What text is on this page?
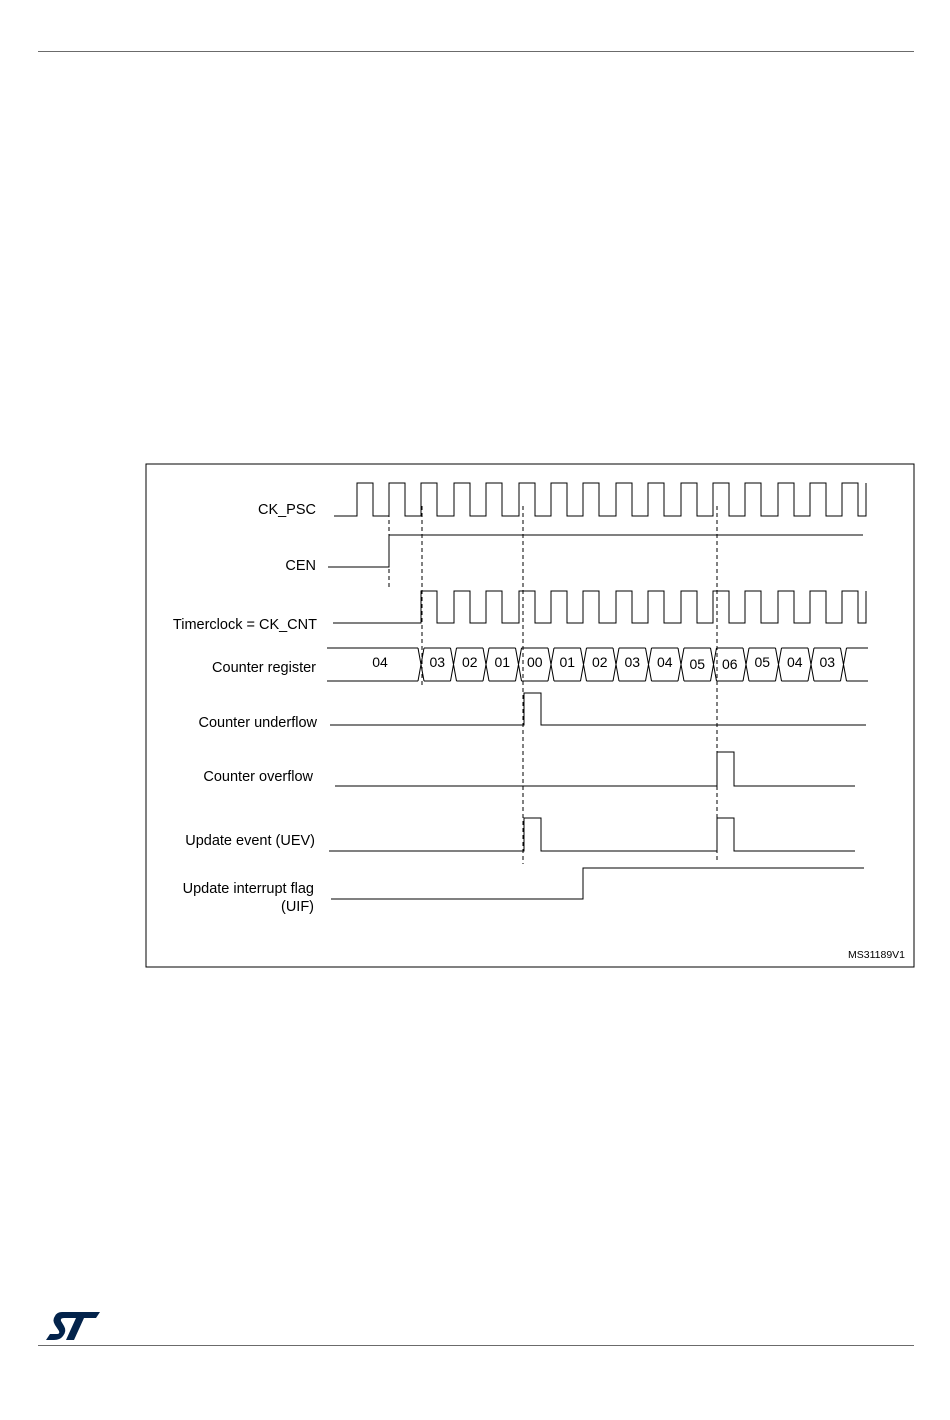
CK_PSC
CEN
Timerclock = CK_CNT
Counter register
Counter underflow
Counter overflow
Update event (UEV)
Update interrupt flag
(UIF)
04	03 02 01 00 01 02 03 04 05 06 05 04 03
MS31189V1
